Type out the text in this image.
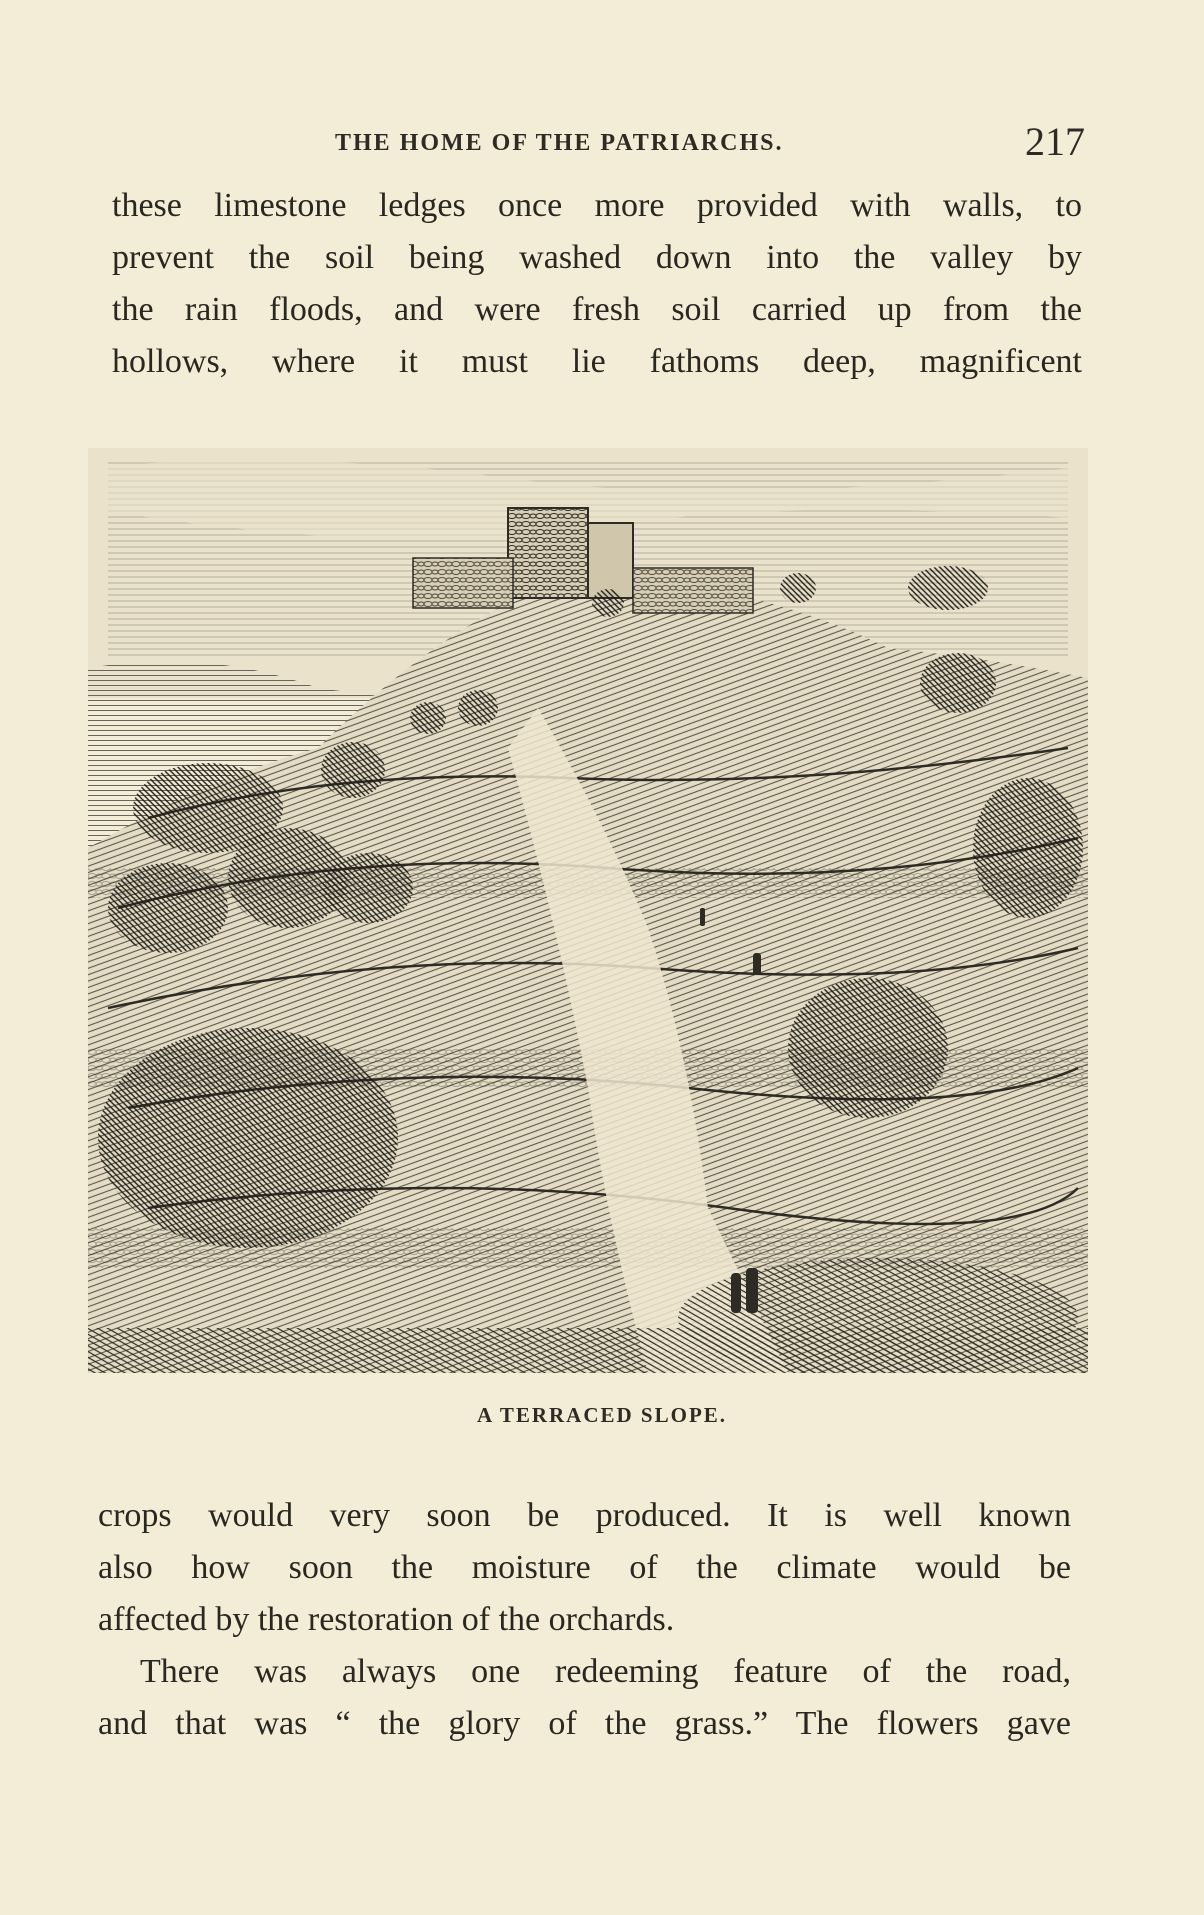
THE HOME OF THE PATRIARCHS.	217
these limestone ledges once more provided with walls, to
prevent the soil being washed down into the valley by
the rain floods, and were fresh soil carried up from the
hollows, where it must lie fathoms deep, magnificent
A TERRACED SLOPE.
crops would very soon be produced. It is well known
also how soon the moisture of the climate would be
affected by the restoration of the orchards.
There was always one redeeming feature of the road,
and that was “ the glory of the grass.” The flowers gave
